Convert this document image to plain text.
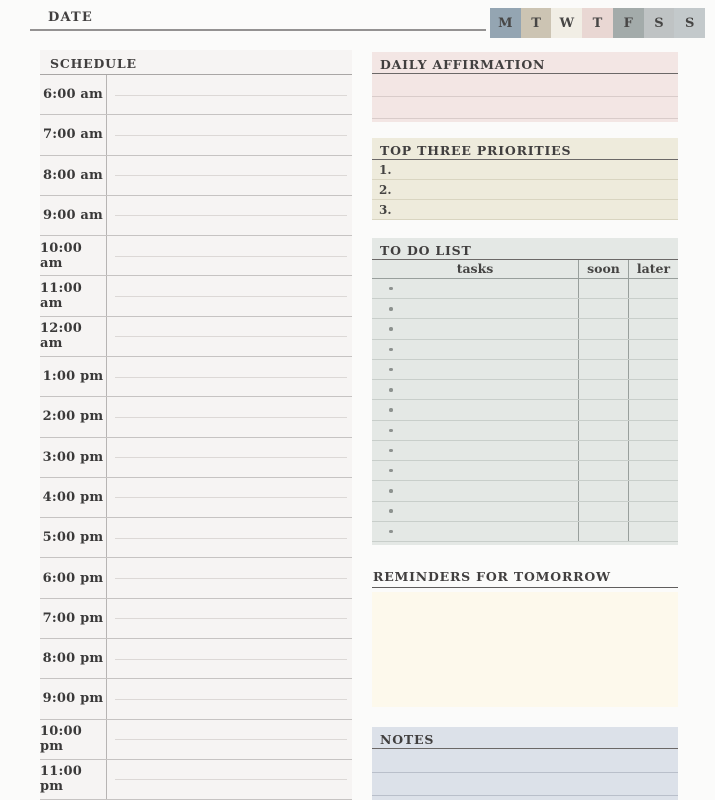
DATE	M	T	W	T	F	S	S
SCHEDULE
6:00 am
7:00 am
8:00 am
9:00 am
10:00 am
11:00 am
12:00 am
1:00 pm
2:00 pm
3:00 pm
4:00 pm
5:00 pm
6:00 pm
7:00 pm
8:00 pm
9:00 pm
10:00 pm
11:00 pm
DAILY AFFIRMATION
TOP THREE PRIORITIES
1.
2.
3.
TO DO LIST
tasks	soon	later
REMINDERS FOR TOMORROW
NOTES
